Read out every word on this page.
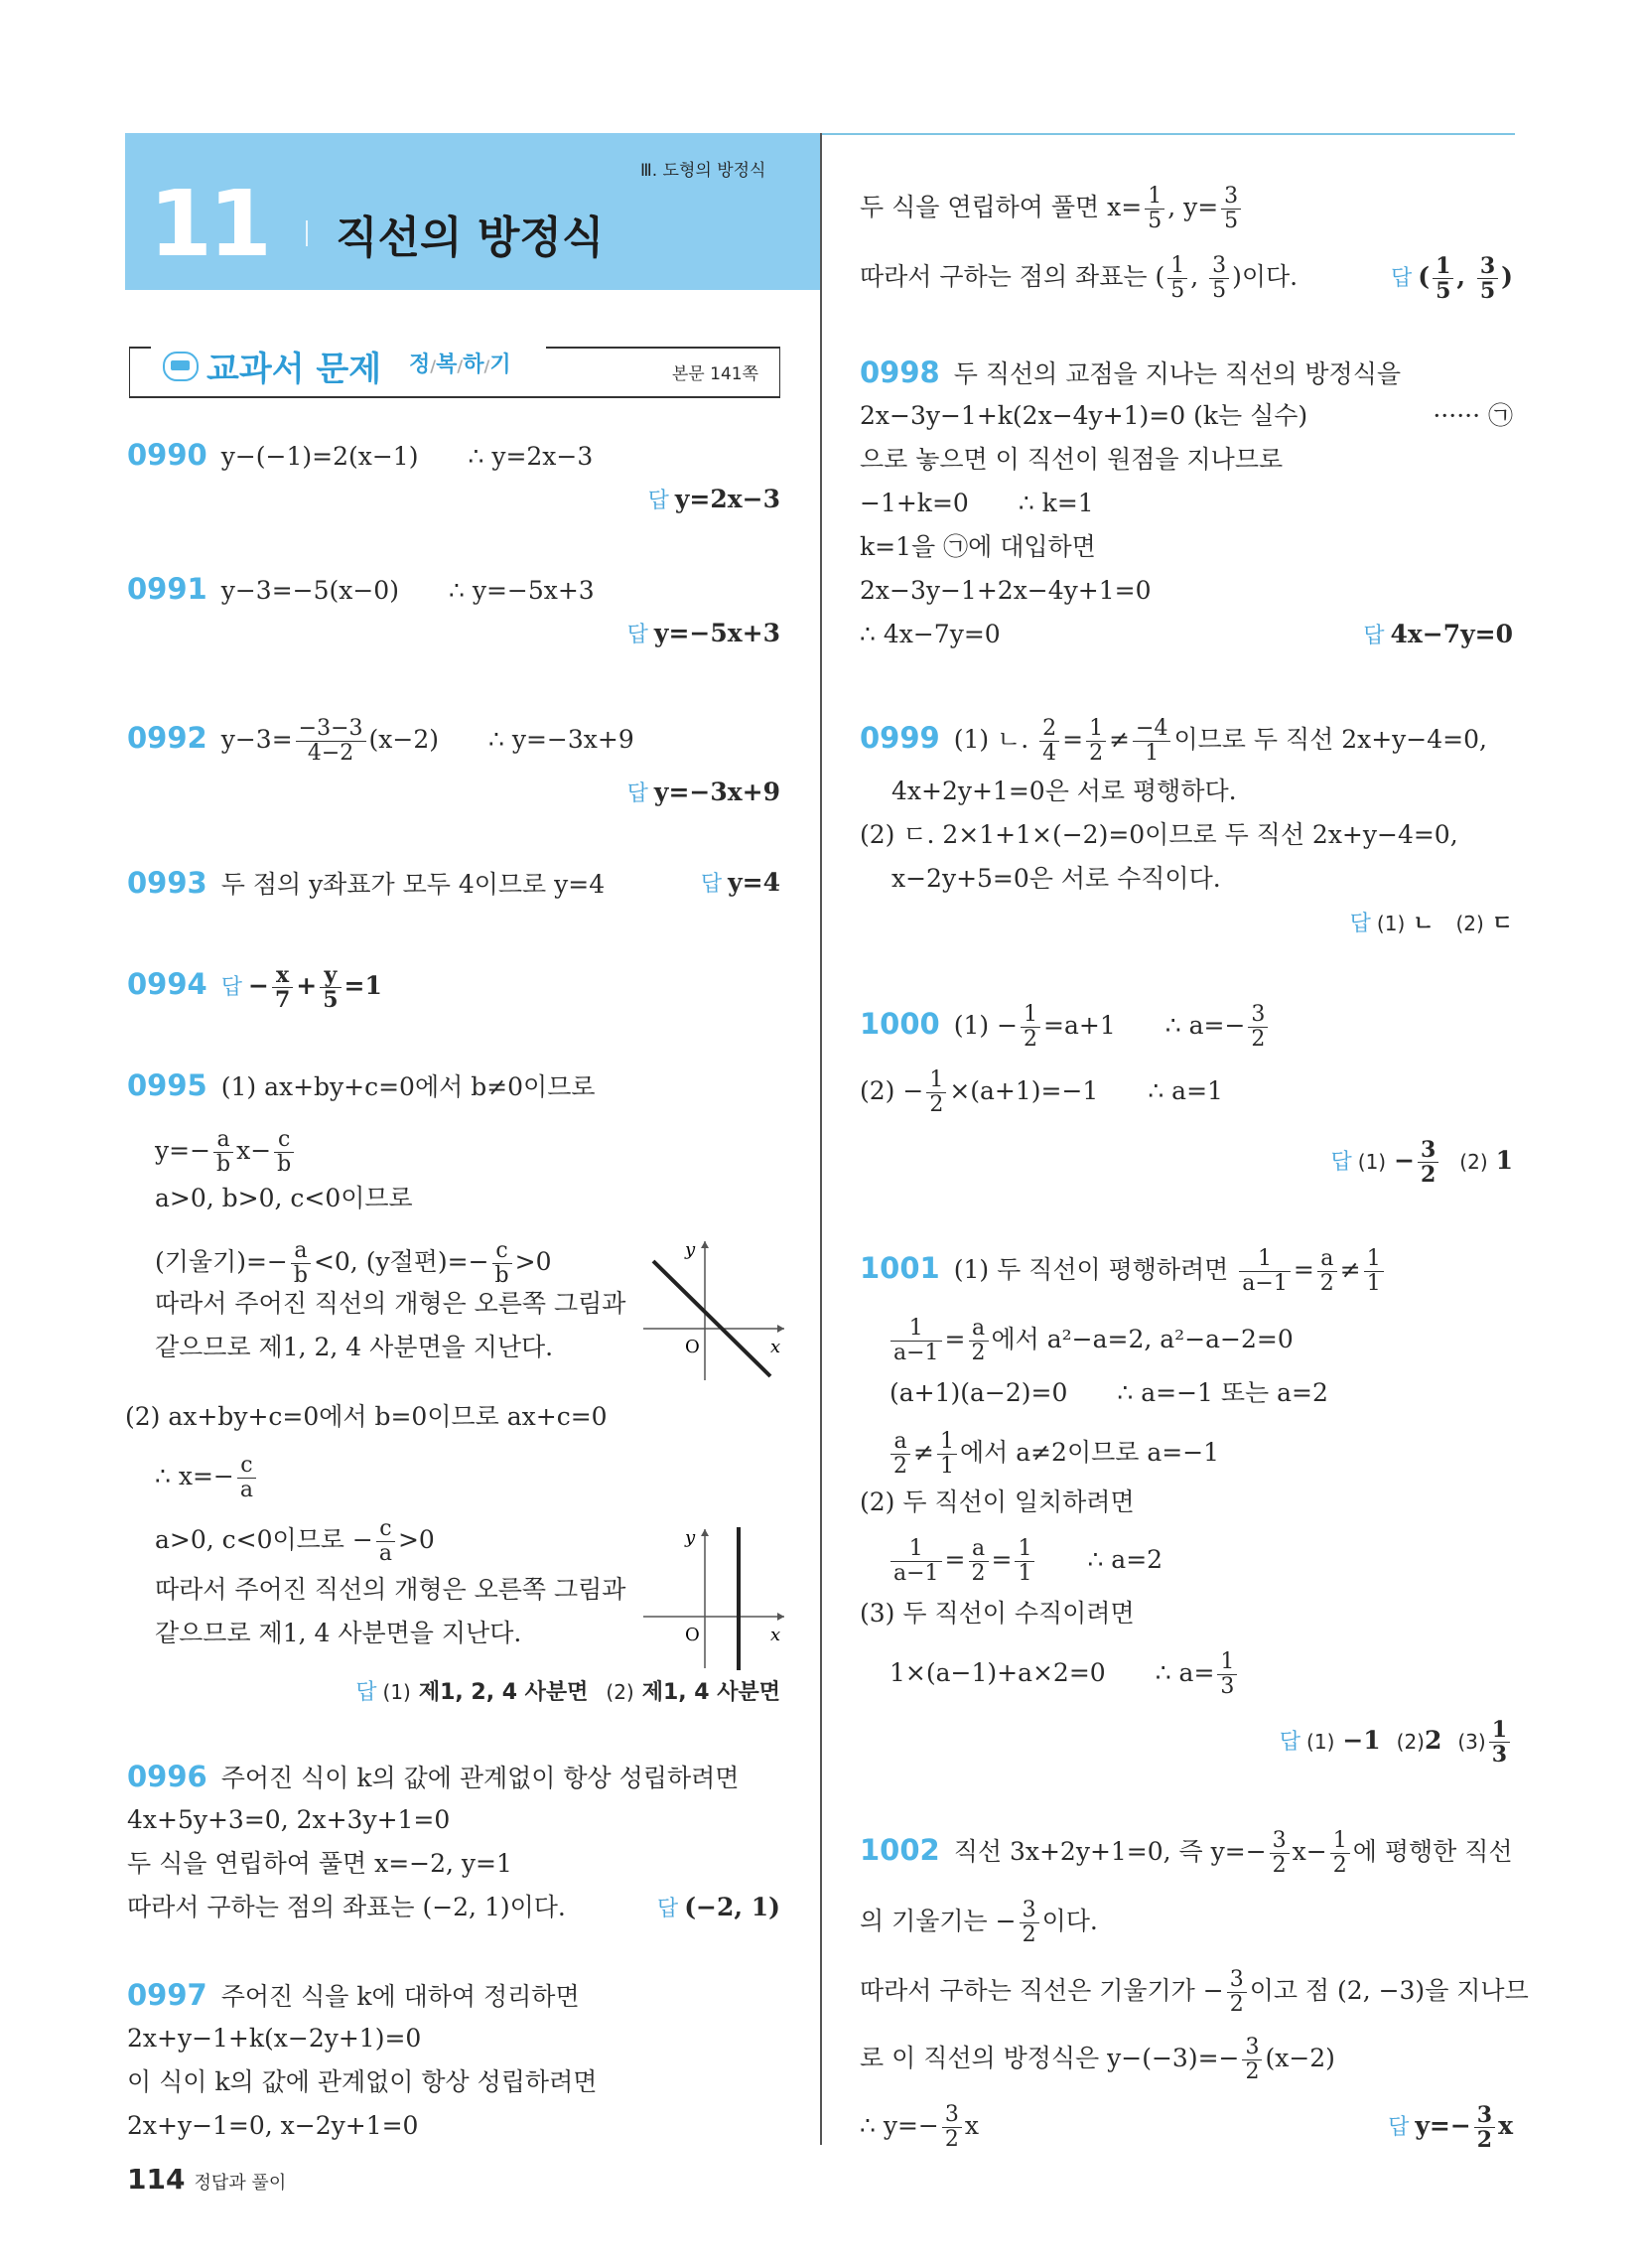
Ⅲ. 도형의 방정식
11 직선의 방정식
교과서 문제 정/복/하/기	본문 141쪽
0990 y−(−1)=2(x−1) ∴ y=2x−3
답 y=2x−3
0991 y−3=−5(x−0) ∴ y=−5x+3
답 y=−5x+3
0992 $y-3= \frac{-3-3}{4-2} (x-2)$ ∴ y=−3x+9
답 y=−3x+9
0993 두 점의 y좌표가 모두 4이므로 y=4	답 y=4
0994 답 − $\frac{x}{7} + \frac{y}{5} =1$
0995 (1) ax+by+c=0에서 b≠0이므로
$y=- \frac{a}{b} x- \frac{c}{b}$
a>0, b>0, c<0이므로
(기울기)=− $\frac{a}{b} <0$, (y절편)=− $\frac{c}{b} >0$
따라서 주어진 직선의 개형은 오른쪽 그림과
같으므로 제1, 2, 4 사분면을 지난다.
y
x
O
(2) ax+by+c=0에서 b=0이므로 ax+c=0
∴ $x=- \frac{c}{a}$
a>0, c<0이므로 − $\frac{c}{a} >0$
따라서 주어진 직선의 개형은 오른쪽 그림과
같으므로 제1, 4 사분면을 지난다.
y
x
O
답 (1) 제1, 2, 4 사분면 (2) 제1, 4 사분면
0996 주어진 식이 k의 값에 관계없이 항상 성립하려면
4x+5y+3=0, 2x+3y+1=0
두 식을 연립하여 풀면 x=−2, y=1
따라서 구하는 점의 좌표는 (−2, 1)이다.	답 (−2, 1)
0997 주어진 식을 k에 대하여 정리하면
2x+y−1+k(x−2y+1)=0
이 식이 k의 값에 관계없이 항상 성립하려면
2x+y−1=0, x−2y+1=0
114 정답과 풀이
두 식을 연립하여 풀면 $x= \frac{1}{5}$ , $y= \frac{3}{5}$
따라서 구하는 점의 좌표는 ( $\frac{1}{5}$ , $\frac{3}{5}$ )이다.	답 ( $\frac{1}{5}$ , $\frac{3}{5}$ )
0998 두 직선의 교점을 지나는 직선의 방정식을
2x−3y−1+k(2x−4y+1)=0 (k는 실수)	······ ㉠
으로 놓으면 이 직선이 원점을 지나므로
−1+k=0 ∴ k=1
k=1을 ㉠에 대입하면
2x−3y−1+2x−4y+1=0
∴ 4x−7y=0	답 4x−7y=0
0999 (1) ㄴ. $\frac{2}{4} = \frac{1}{2} \ne \frac{-4}{1}$ 이므로 두 직선 2x+y−4=0,
4x+2y+1=0은 서로 평행하다.
(2) ㄷ. 2×1+1×(−2)=0이므로 두 직선 2x+y−4=0,
x−2y+5=0은 서로 수직이다.
답 (1) ㄴ (2) ㄷ
1000 $(1) - \frac{1}{2} =a+1$ ∴ $a=- \frac{3}{2}$
$(2) - \frac{1}{2} \times(a+1)=-1$ ∴ a=1
답 $(1) - \frac{3}{2} (2)$ 1
1001 (1) 두 직선이 평행하려면 $\frac{1}{a-1} = \frac{a}{2} \ne \frac{1}{1}$
$\frac{1}{a-1} = \frac{a}{2}$ 에서 a²−a=2, a²−a−2=0
(a+1)(a−2)=0 ∴ a=−1 또는 a=2
$\frac{a}{2} \ne \frac{1}{1}$ 에서 a≠2이므로 a=−1
(2) 두 직선이 일치하려면
$\frac{1}{a-1} = \frac{a}{2} = \frac{1}{1}$ ∴ a=2
(3) 두 직선이 수직이려면
1×(a−1)+a×2=0 ∴ $a= \frac{1}{3}$
답 (1) −1 (2)2 $(3) \frac{1}{3}$
1002 직선 3x+2y+1=0, 즉 $y=- \frac{3}{2} x- \frac{1}{2}$ 에 평행한 직선
의 기울기는 − $\frac{3}{2}$ 이다.
따라서 구하는 직선은 기울기가 − $\frac{3}{2}$ 이고 점 (2, −3)을 지나므
로 이 직선의 방정식은 $y-(-3)=- \frac{3}{2} (x-2)$
∴ $y=- \frac{3}{2}$ x	답 $y=- \frac{3}{2}$ x
